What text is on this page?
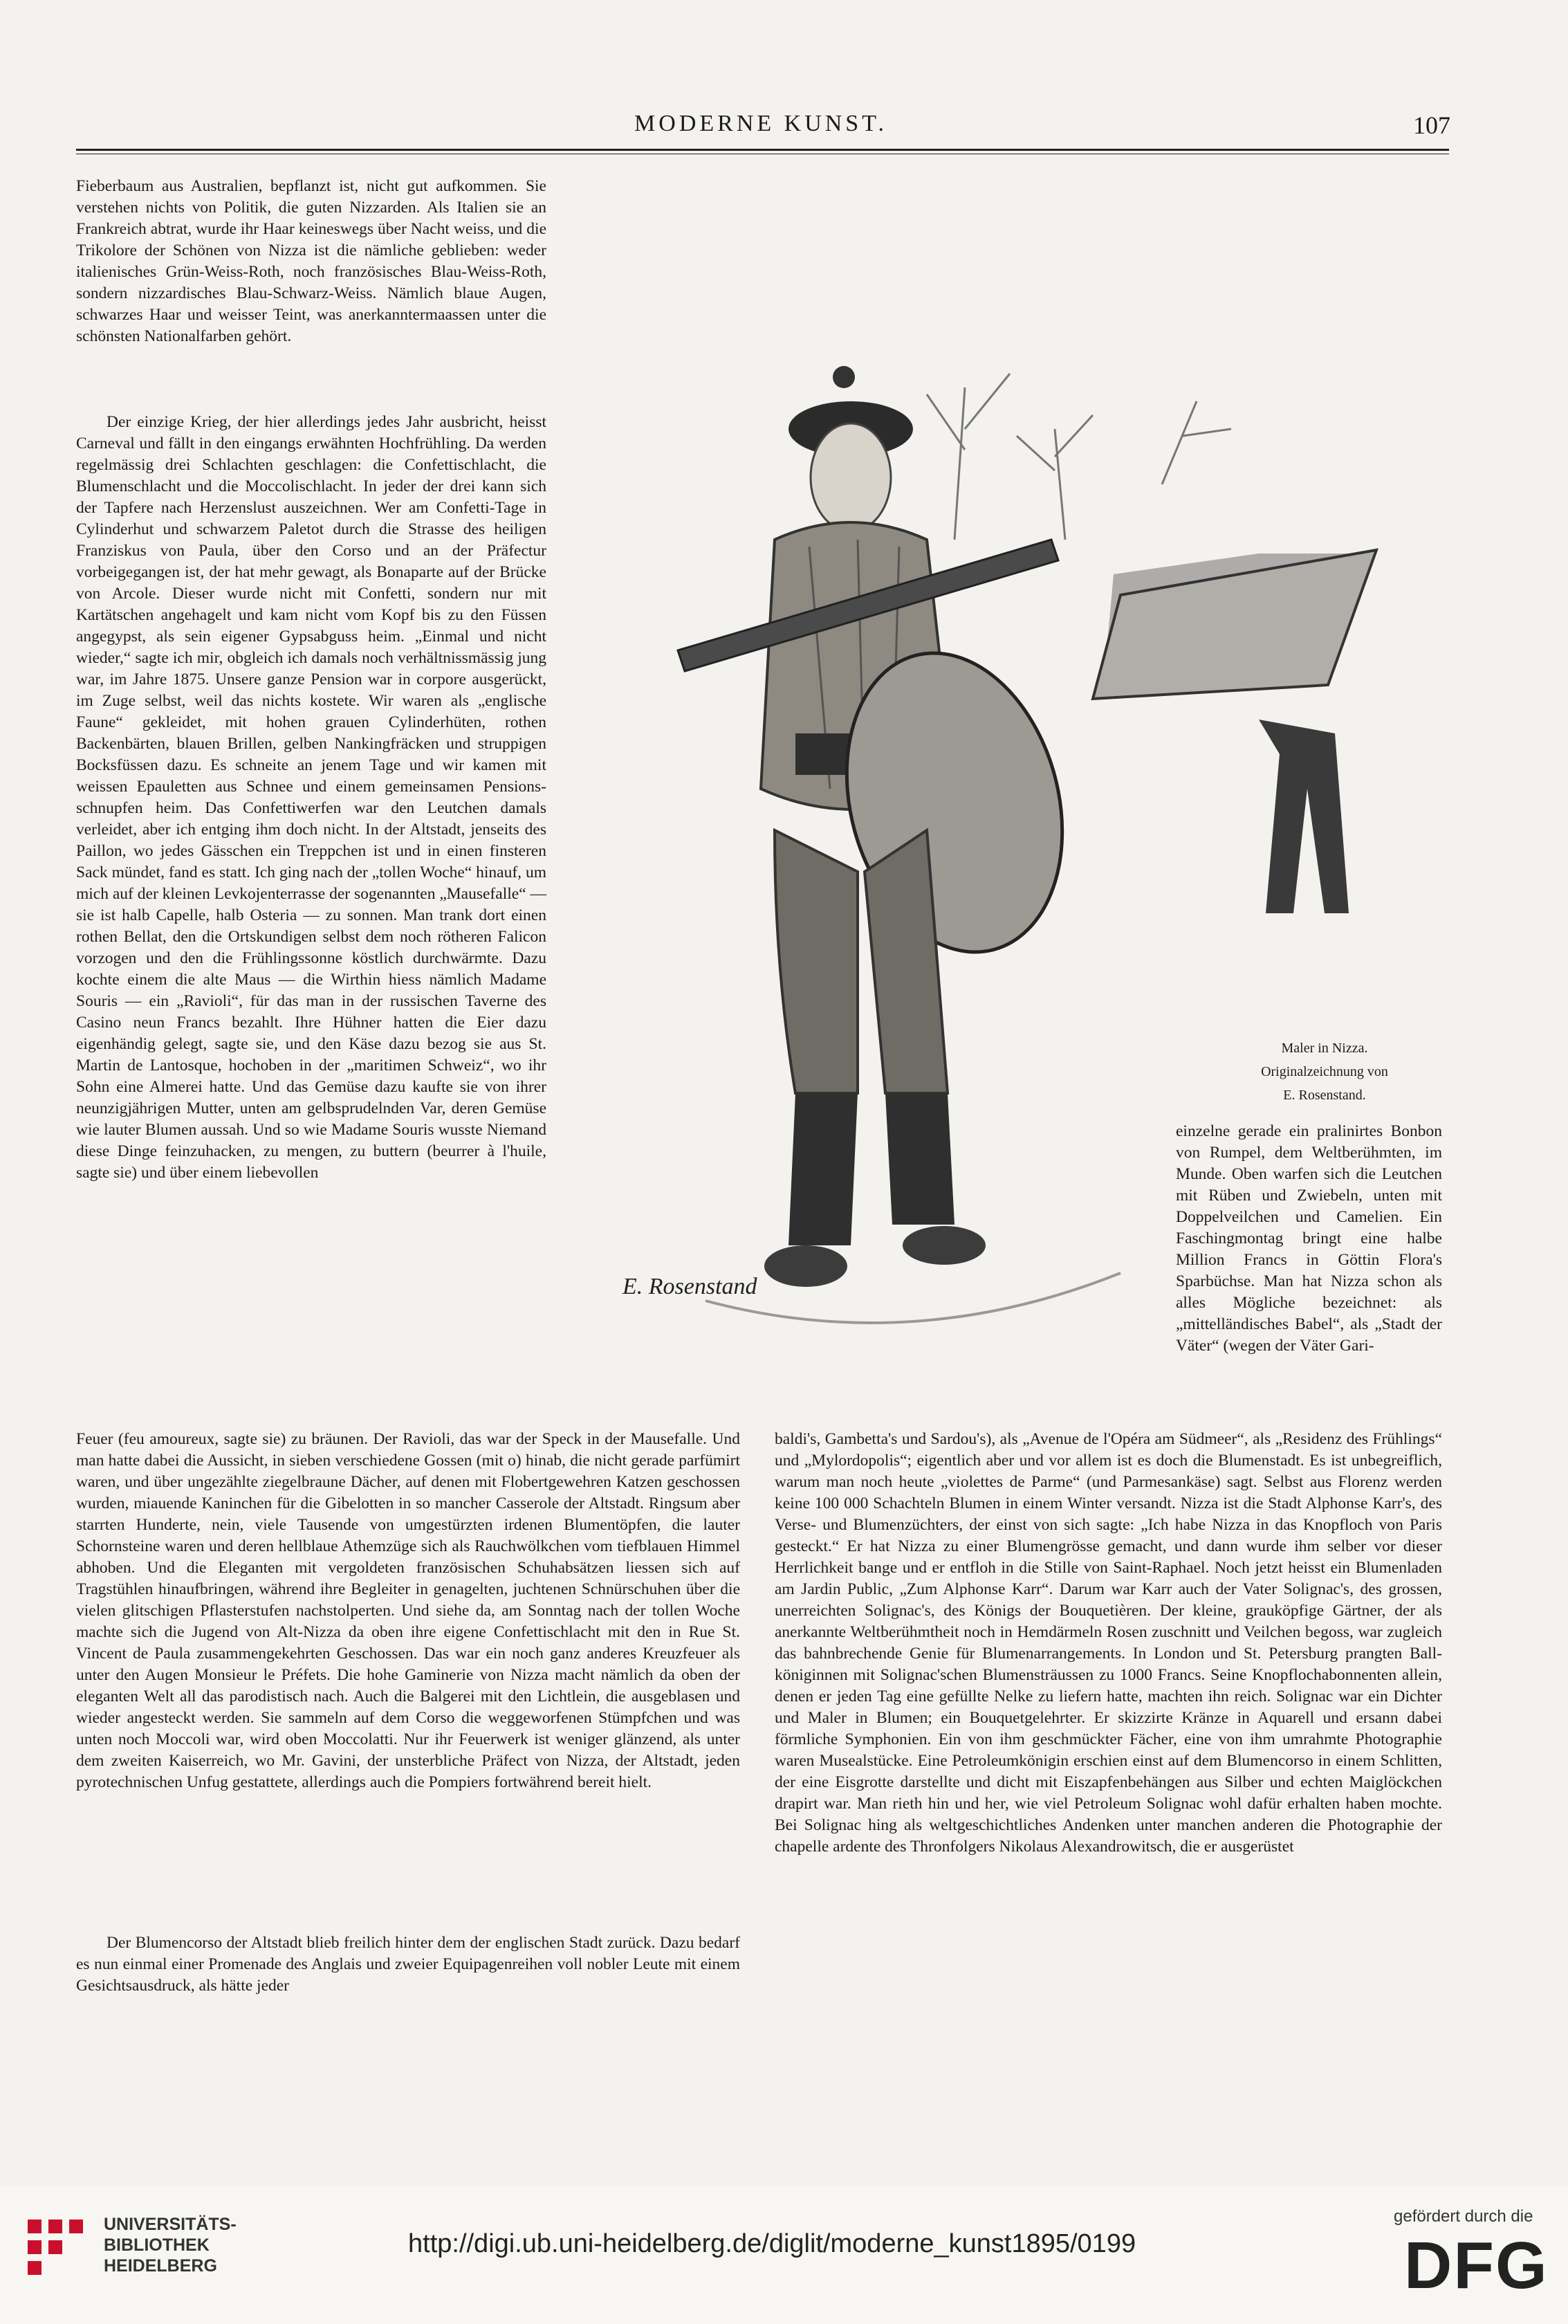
MODERNE KUNST.	107

Fieberbaum aus Australien, bepflanzt ist, nicht gut aufkommen. Sie verstehen nichts von Politik, die guten Nizzarden. Als Italien sie an Frankreich abtrat, wurde ihr Haar keineswegs über Nacht weiss, und die Trikolore der Schönen von Nizza ist die nämliche geblieben: weder italienisches Grün-Weiss-Roth, noch französisches Blau-Weiss-Roth, sondern nizzardisches Blau-Schwarz-Weiss. Nämlich blaue Augen, schwarzes Haar und weisser Teint, was anerkanntermaassen unter die schönsten Nationalfarben gehört.

Der einzige Krieg, der hier allerdings jedes Jahr ausbricht, heisst Carneval und fällt in den eingangs erwähnten Hochfrühling. Da werden regelmässig drei Schlachten geschlagen: die Confettischlacht, die Blumenschlacht und die Moccolischlacht. In jeder der drei kann sich der Tapfere nach Herzenslust auszeichnen. Wer am Confetti-Tage in Cylinderhut und schwarzem Paletot durch die Strasse des heiligen Franziskus von Paula, über den Corso und an der Präfectur vorbeigegangen ist, der hat mehr gewagt, als Bonaparte auf der Brücke von Arcole. Dieser wurde nicht mit Confetti, sondern nur mit Kartätschen angehagelt und kam nicht vom Kopf bis zu den Füssen angegypst, als sein eigener Gypsabguss heim. „Einmal und nicht wieder,“ sagte ich mir, obgleich ich damals noch verhältnissmässig jung war, im Jahre 1875. Unsere ganze Pension war in corpore ausgerückt, im Zuge selbst, weil das nichts kostete. Wir waren als „englische Faune“ gekleidet, mit hohen grauen Cylinderhüten, rothen Backenbärten, blauen Brillen, gelben Nankingfräcken und struppigen Bocksfüssen dazu. Es schneite an jenem Tage und wir kamen mit weissen Epauletten aus Schnee und einem gemeinsamen Pensionsschnupfen heim. Das Confettiwerfen war den Leutchen damals verleidet, aber ich entging ihm doch nicht. In der Altstadt, jenseits des Paillon, wo jedes Gässchen ein Treppchen ist und in einen finsteren Sack mündet, fand es statt. Ich ging nach der „tollen Woche“ hinauf, um mich auf der kleinen Levkojenterrasse der sogenannten „Mausefalle“ — sie ist halb Capelle, halb Osteria — zu sonnen. Man trank dort einen rothen Bellat, den die Ortskundigen selbst dem noch rötheren Falicon vorzogen und den die Frühlingssonne köstlich durchwärmte. Dazu kochte einem die alte Maus — die Wirthin hiess nämlich Madame Souris — ein „Ravioli“, für das man in der russischen Taverne des Casino neun Francs bezahlt. Ihre Hühner hatten die Eier dazu eigenhändig gelegt, sagte sie, und den Käse dazu bezog sie aus St. Martin de Lantosque, hochoben in der „maritimen Schweiz“, wo ihr Sohn eine Almerei hatte. Und das Gemüse dazu kaufte sie von ihrer neunzigjährigen Mutter, unten am gelbsprudelnden Var, deren Gemüse wie lauter Blumen aussah. Und so wie Madame Souris wusste Niemand diese Dinge feinzuhacken, zu mengen, zu buttern (beurrer à l'huile, sagte sie) und über einem liebevollen

E. Rosenstand
Maler in Nizza.
Originalzeichnung von
E. Rosenstand.

einzelne gerade ein pralinirtes Bonbon von Rumpel, dem Weltberühmten, im Munde. Oben warfen sich die Leutchen mit Rüben und Zwiebeln, unten mit Doppelveilchen und Camelien. Ein Faschingmontag bringt eine halbe Million Francs in Göttin Flora's Sparbüchse. Man hat Nizza schon als alles Mögliche bezeichnet: als „mittelländisches Babel“, als „Stadt der Väter“ (wegen der Väter Gari-

Feuer (feu amoureux, sagte sie) zu bräunen. Der Ravioli, das war der Speck in der Mausefalle. Und man hatte dabei die Aussicht, in sieben verschiedene Gossen (mit o) hinab, die nicht gerade parfümirt waren, und über ungezählte ziegelbraune Dächer, auf denen mit Flobertgewehren Katzen geschossen wurden, miauende Kaninchen für die Gibelotten in so mancher Casserole der Altstadt. Ringsum aber starrten Hunderte, nein, viele Tausende von umgestürzten irdenen Blumentöpfen, die lauter Schornsteine waren und deren hellblaue Athemzüge sich als Rauchwölkchen vom tiefblauen Himmel abhoben. Und die Eleganten mit vergoldeten französischen Schuhabsätzen liessen sich auf Tragstühlen hinaufbringen, während ihre Begleiter in genagelten, juchtenen Schnürschuhen über die vielen glitschigen Pflasterstufen nachstolperten. Und siehe da, am Sonntag nach der tollen Woche machte sich die Jugend von Alt-Nizza da oben ihre eigene Confettischlacht mit den in Rue St. Vincent de Paula zusammengekehrten Geschossen. Das war ein noch ganz anderes Kreuzfeuer als unter den Augen Monsieur le Préfets. Die hohe Gaminerie von Nizza macht nämlich da oben der eleganten Welt all das parodistisch nach. Auch die Balgerei mit den Lichtlein, die ausgeblasen und wieder angesteckt werden. Sie sammeln auf dem Corso die weggeworfenen Stümpfchen und was unten noch Moccoli war, wird oben Moccolatti. Nur ihr Feuerwerk ist weniger glänzend, als unter dem zweiten Kaiserreich, wo Mr. Gavini, der unsterbliche Präfect von Nizza, der Altstadt, jeden pyrotechnischen Unfug gestattete, allerdings auch die Pompiers fortwährend bereit hielt.

Der Blumencorso der Altstadt blieb freilich hinter dem der englischen Stadt zurück. Dazu bedarf es nun einmal einer Promenade des Anglais und zweier Equipagenreihen voll nobler Leute mit einem Gesichtsausdruck, als hätte jeder

baldi's, Gambetta's und Sardou's), als „Avenue de l'Opéra am Südmeer“, als „Residenz des Frühlings“ und „Mylordopolis“; eigentlich aber und vor allem ist es doch die Blumenstadt. Es ist unbegreiflich, warum man noch heute „violettes de Parme“ (und Parmesankäse) sagt. Selbst aus Florenz werden keine 100 000 Schachteln Blumen in einem Winter versandt. Nizza ist die Stadt Alphonse Karr's, des Verse- und Blumenzüchters, der einst von sich sagte: „Ich habe Nizza in das Knopfloch von Paris gesteckt.“ Er hat Nizza zu einer Blumengrösse gemacht, und dann wurde ihm selber vor dieser Herrlichkeit bange und er entfloh in die Stille von Saint-Raphael. Noch jetzt heisst ein Blumenladen am Jardin Public, „Zum Alphonse Karr“. Darum war Karr auch der Vater Solignac's, des grossen, unerreichten Solignac's, des Königs der Bouquetièren. Der kleine, grauköpfige Gärtner, der als anerkannte Weltberühmtheit noch in Hemdärmeln Rosen zuschnitt und Veilchen begoss, war zugleich das bahnbrechende Genie für Blumenarrangements. In London und St. Petersburg prangten Ballköniginnen mit Solignac'schen Blumensträussen zu 1000 Francs. Seine Knopflochabonnenten allein, denen er jeden Tag eine gefüllte Nelke zu liefern hatte, machten ihn reich. Solignac war ein Dichter und Maler in Blumen; ein Bouquetgelehrter. Er skizzirte Kränze in Aquarell und ersann dabei förmliche Symphonien. Ein von ihm geschmückter Fächer, eine von ihm umrahmte Photographie waren Musealstücke. Eine Petroleumkönigin erschien einst auf dem Blumencorso in einem Schlitten, der eine Eisgrotte darstellte und dicht mit Eiszapfenbehängen aus Silber und echten Maiglöckchen drapirt war. Man rieth hin und her, wie viel Petroleum Solignac wohl dafür erhalten haben mochte. Bei Solignac hing als weltgeschichtliches Andenken unter manchen anderen die Photographie der chapelle ardente des Thronfolgers Nikolaus Alexandrowitsch, die er ausgerüstet

UNIVERSITÄTS-
BIBLIOTHEK
HEIDELBERG
http://digi.ub.uni-heidelberg.de/diglit/moderne_kunst1895/0199
gefördert durch die
DFG
